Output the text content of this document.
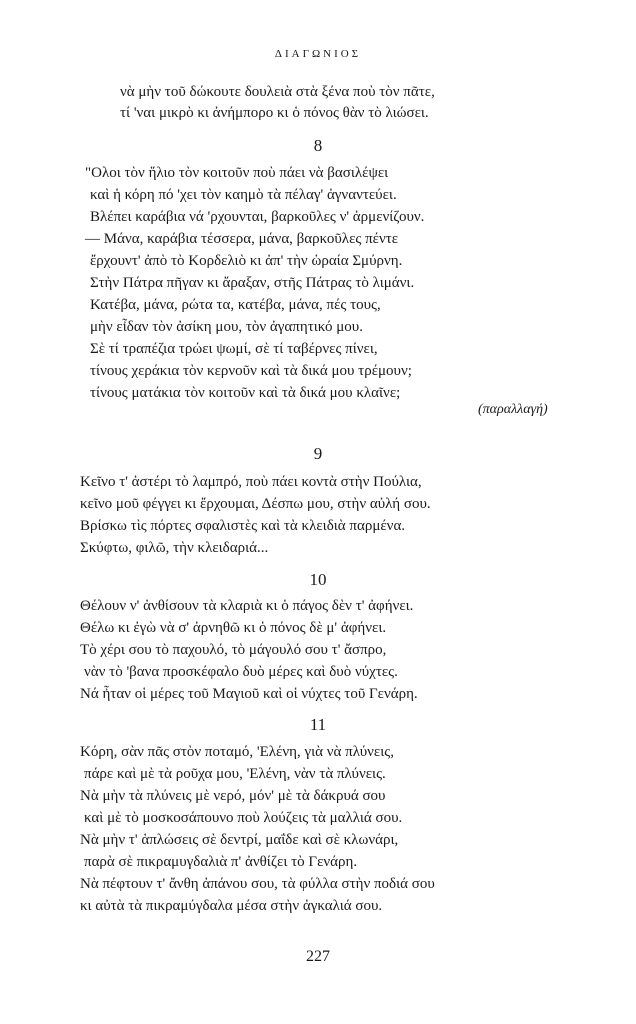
ΔΙΑΓΩΝΙΟΣ
νὰ μὴν τοῦ δώκουτε δουλειὰ στὰ ξένα ποὺ τὸν πᾶτε,
τί 'ναι μικρὸ κι ἀνήμπορο κι ὁ πόνος θὰν τὸ λιώσει.
8
"Ολοι τὸν ἥλιο τὸν κοιτοῦν ποὺ πάει νὰ βασιλέψει
καὶ ἡ κόρη πό 'χει τὸν καημὸ τὰ πέλαγ' ἀγναντεύει.
Βλέπει καράβια νά 'ρχουνται, βαρκοῦλες ν' ἀρμενίζουν.
— Μάνα, καράβια τέσσερα, μάνα, βαρκοῦλες πέντε
ἔρχουντ' ἀπὸ τὸ Κορδελιὸ κι ἀπ' τὴν ὡραία Σμύρνη.
Στὴν Πάτρα πῆγαν κι ἄραξαν, στῆς Πάτρας τὸ λιμάνι.
Κατέβα, μάνα, ρώτα τα, κατέβα, μάνα, πές τους,
μὴν εἶδαν τὸν ἀσίκη μου, τὸν ἀγαπητικό μου.
Σὲ τί τραπέζια τρώει ψωμί, σὲ τί ταβέρνες πίνει,
τίνους χεράκια τὸν κερνοῦν καὶ τὰ δικά μου τρέμουν;
τίνους ματάκια τὸν κοιτοῦν καὶ τὰ δικά μου κλαῖνε;
(παραλλαγή)
9
Κεῖνο τ' ἀστέρι τὸ λαμπρό, ποὺ πάει κοντὰ στὴν Πούλια,
κεῖνο μοῦ φέγγει κι ἔρχουμαι, Δέσπω μου, στὴν αὐλή σου.
Βρίσκω τὶς πόρτες σφαλιστὲς καὶ τὰ κλειδιὰ παρμένα.
Σκύφτω, φιλῶ, τὴν κλειδαριά...
10
Θέλουν ν' ἀνθίσουν τὰ κλαριὰ κι ὁ πάγος δὲν τ' ἀφήνει.
Θέλω κι ἐγὼ νὰ σ' ἀρνηθῶ κι ὁ πόνος δὲ μ' ἀφήνει.
Τὸ χέρι σου τὸ παχουλό, τὸ μάγουλό σου τ' ἄσπρο,
νὰν τὸ 'βανα προσκέφαλο δυὸ μέρες καὶ δυὸ νύχτες.
Νά ἦταν οἱ μέρες τοῦ Μαγιοῦ καὶ οἱ νύχτες τοῦ Γενάρη.
11
Κόρη, σὰν πᾶς στὸν ποταμό, 'Ελένη, γιὰ νὰ πλύνεις,
πάρε καὶ μὲ τὰ ροῦχα μου, 'Ελένη, νὰν τὰ πλύνεις.
Νὰ μὴν τὰ πλύνεις μὲ νερό, μόν' μὲ τὰ δάκρυά σου
καὶ μὲ τὸ μοσκοσάπουνο ποὺ λούζεις τὰ μαλλιά σου.
Νὰ μὴν τ' ἁπλώσεις σὲ δεντρί, μαΐδε καὶ σὲ κλωνάρι,
παρὰ σὲ πικραμυγδαλιὰ π' ἀνθίζει τὸ Γενάρη.
Νὰ πέφτουν τ' ἄνθη ἀπάνου σου, τὰ φύλλα στὴν ποδιά σου
κι αὐτὰ τὰ πικραμύγδαλα μέσα στὴν ἀγκαλιά σου.
227
